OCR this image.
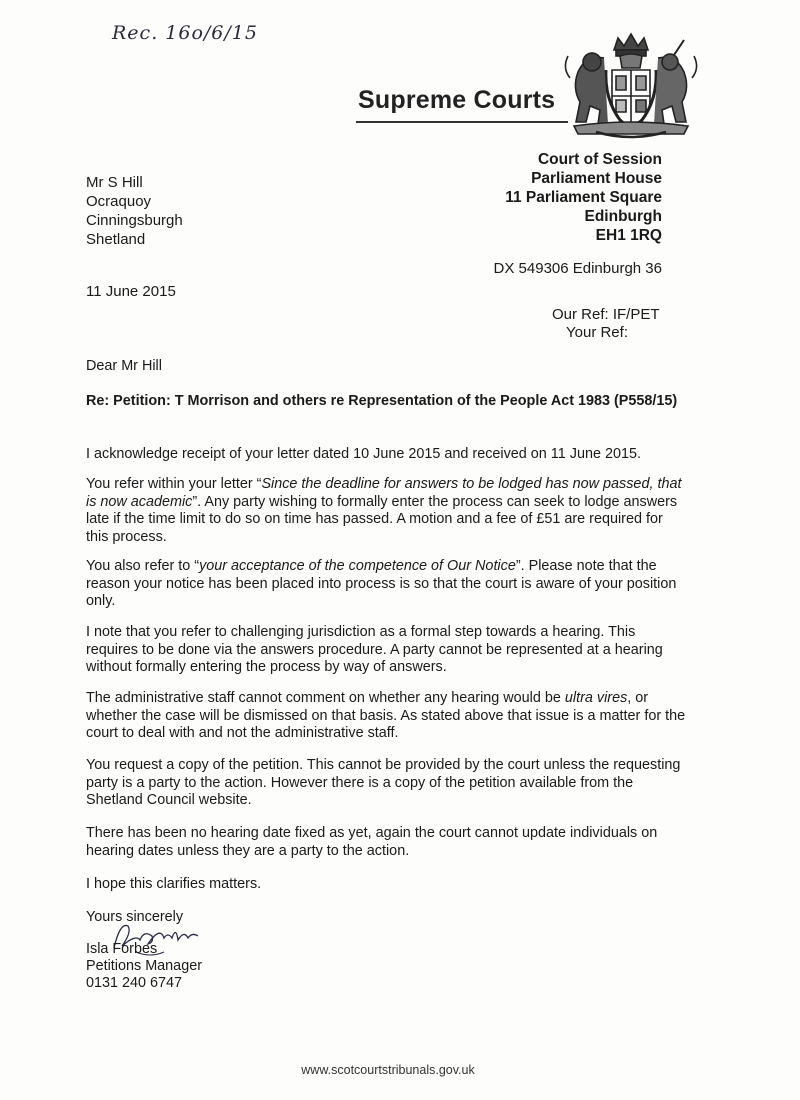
Rec. 16o/6/15
Supreme Courts
Court of Session
Parliament House
11 Parliament Square
Edinburgh
EH1 1RQ
DX 549306 Edinburgh 36
Mr S Hill
Ocraquoy
Cinningsburgh
Shetland
11 June 2015
Our Ref: IF/PET
Your Ref:
Dear Mr Hill
Re: Petition: T Morrison and others re Representation of the People Act 1983 (P558/15)
I acknowledge receipt of your letter dated 10 June 2015 and received on 11 June 2015.
You refer within your letter “Since the deadline for answers to be lodged has now passed, that is now academic”. Any party wishing to formally enter the process can seek to lodge answers late if the time limit to do so on time has passed. A motion and a fee of £51 are required for this process.
You also refer to “your acceptance of the competence of Our Notice”. Please note that the reason your notice has been placed into process is so that the court is aware of your position only.
I note that you refer to challenging jurisdiction as a formal step towards a hearing. This requires to be done via the answers procedure. A party cannot be represented at a hearing without formally entering the process by way of answers.
The administrative staff cannot comment on whether any hearing would be ultra vires, or whether the case will be dismissed on that basis. As stated above that issue is a matter for the court to deal with and not the administrative staff.
You request a copy of the petition. This cannot be provided by the court unless the requesting party is a party to the action. However there is a copy of the petition available from the Shetland Council website.
There has been no hearing date fixed as yet, again the court cannot update individuals on hearing dates unless they are a party to the action.
I hope this clarifies matters.
Yours sincerely
Isla Forbes
Petitions Manager
0131 240 6747
www.scotcourtstribunals.gov.uk
